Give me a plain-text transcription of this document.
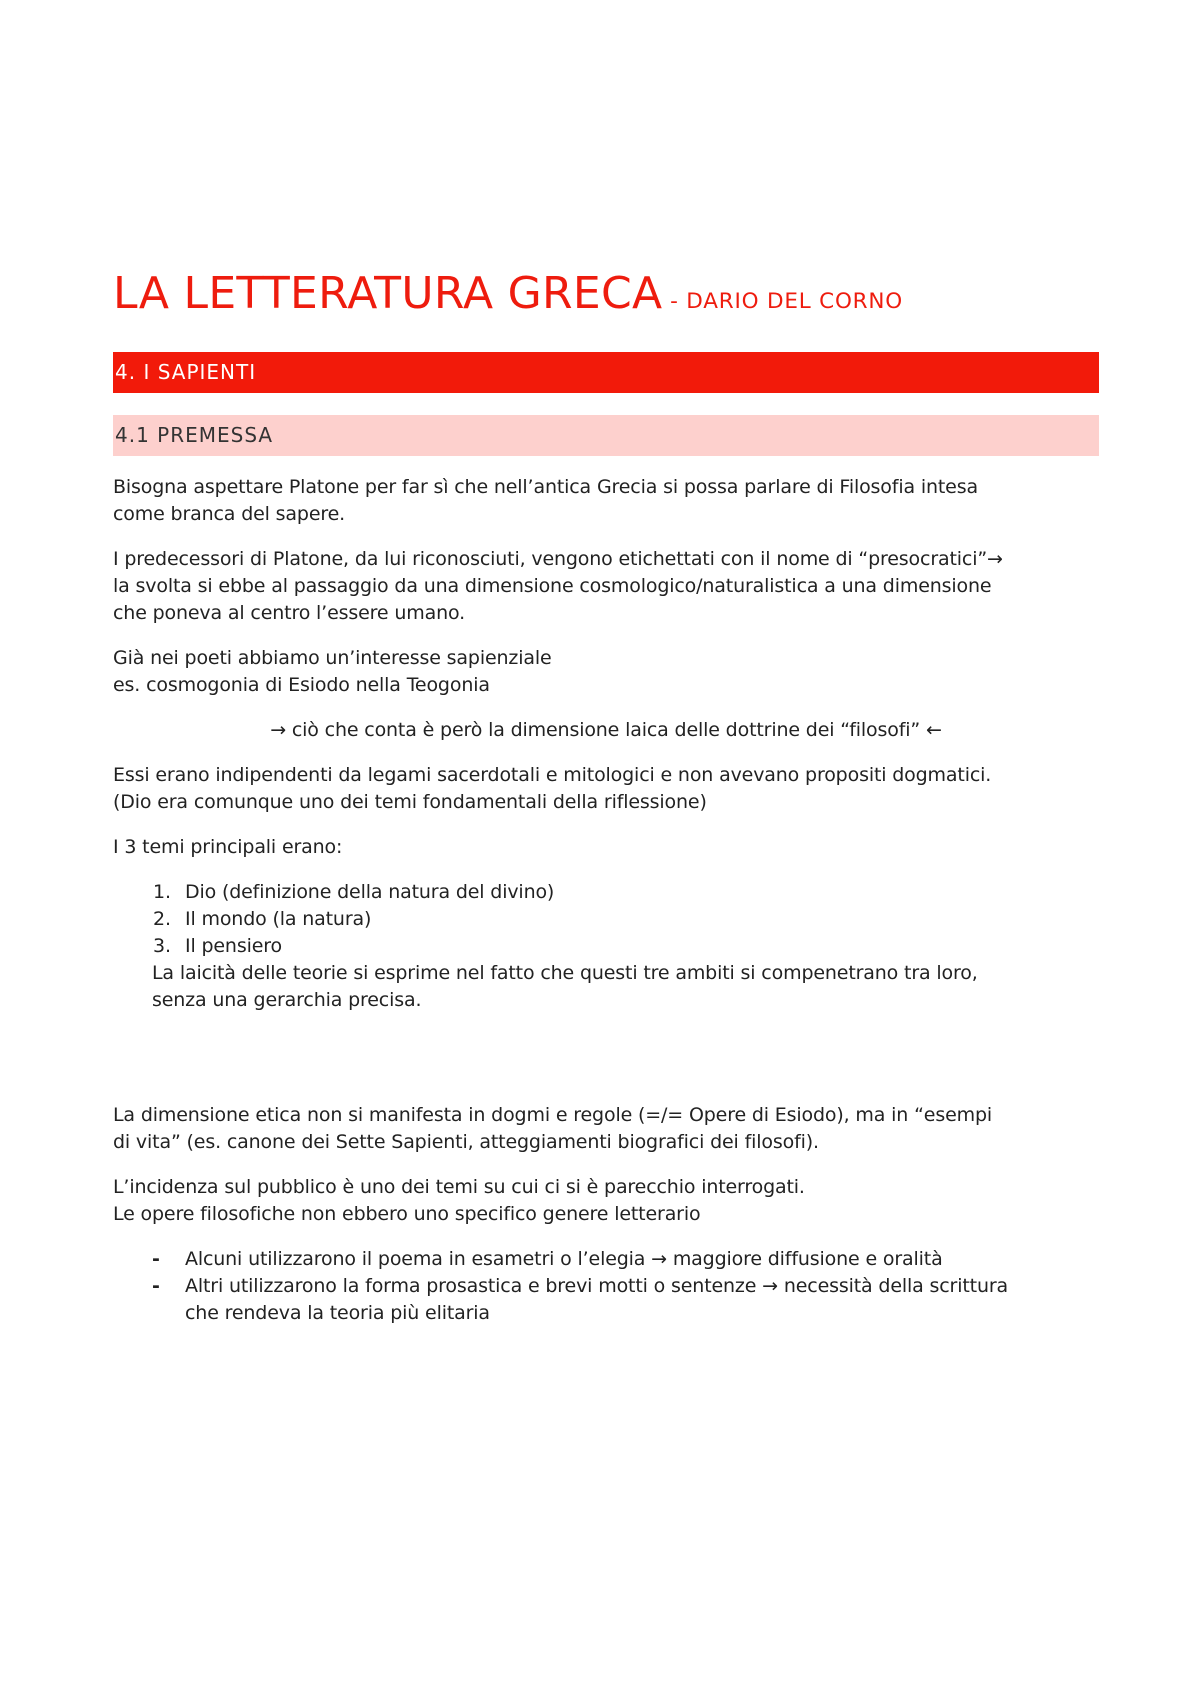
LA LETTERATURA GRECA - DARIO DEL CORNO
4. I SAPIENTI
4.1 PREMESSA

Bisogna aspettare Platone per far sì che nell’antica Grecia si possa parlare di Filosofia intesa
come branca del sapere.

I predecessori di Platone, da lui riconosciuti, vengono etichettati con il nome di “presocratici”→
la svolta si ebbe al passaggio da una dimensione cosmologico/naturalistica a una dimensione
che poneva al centro l’essere umano.

Già nei poeti abbiamo un’interesse sapienziale
es. cosmogonia di Esiodo nella Teogonia

→ ciò che conta è però la dimensione laica delle dottrine dei “filosofi” ←

Essi erano indipendenti da legami sacerdotali e mitologici e non avevano propositi dogmatici.
(Dio era comunque uno dei temi fondamentali della riflessione)

I 3 temi principali erano:

1. Dio (definizione della natura del divino)
2. Il mondo (la natura)
3. Il pensiero

La laicità delle teorie si esprime nel fatto che questi tre ambiti si compenetrano tra loro,
senza una gerarchia precisa.

La dimensione etica non si manifesta in dogmi e regole (=/= Opere di Esiodo), ma in “esempi
di vita” (es. canone dei Sette Sapienti, atteggiamenti biografici dei filosofi).

L’incidenza sul pubblico è uno dei temi su cui ci si è parecchio interrogati.
Le opere filosofiche non ebbero uno specifico genere letterario

- Alcuni utilizzarono il poema in esametri o l’elegia → maggiore diffusione e oralità
- Altri utilizzarono la forma prosastica e brevi motti o sentenze → necessità della scrittura
che rendeva la teoria più elitaria
